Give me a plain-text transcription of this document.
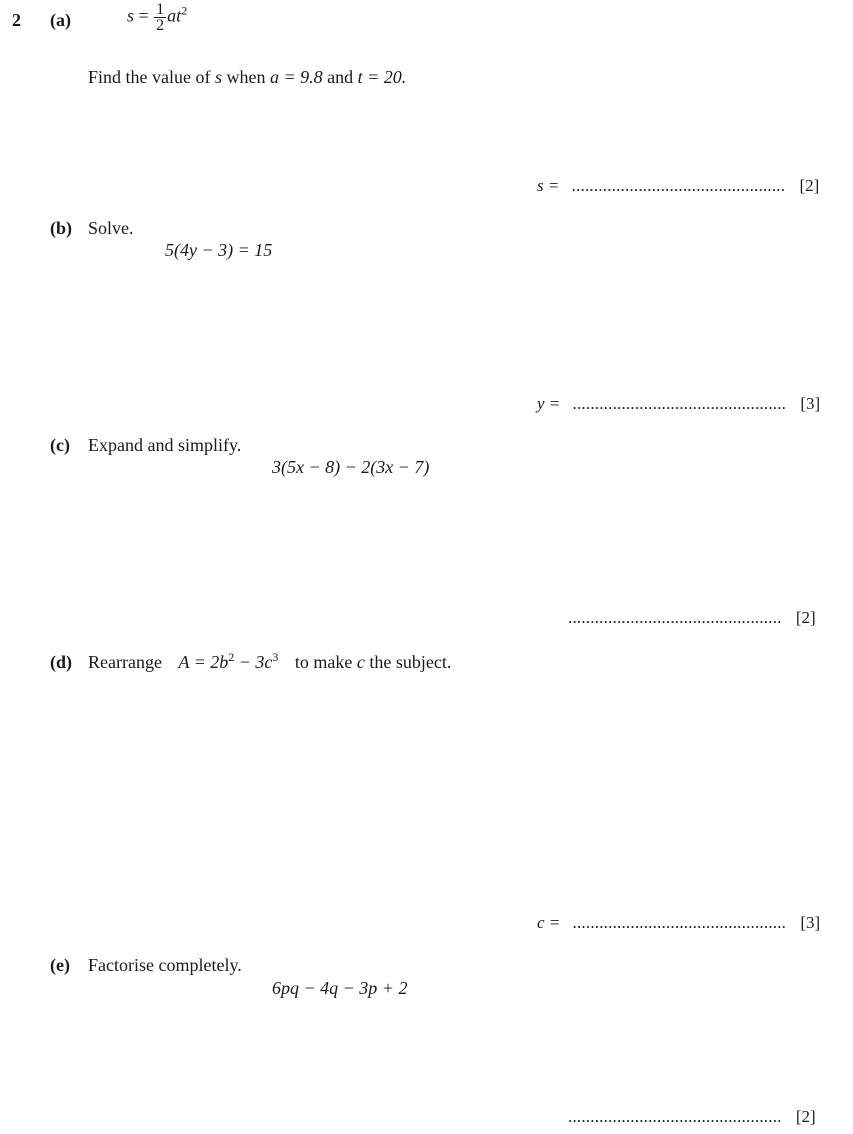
2 (a)	$s = \frac{1}{2} at^2$
Find the value of s when a = 9.8 and t = 20.
s = ................................................ [2]
(b) Solve.
5(4y − 3) = 15
y = ................................................ [3]
(c) Expand and simplify.
3(5x − 8) − 2(3x − 7)
................................................ [2]
(d) Rearrange $A = 2b^2 - 3c^3$ to make c the subject.
c = ................................................ [3]
(e) Factorise completely.
6pq − 4q − 3p + 2
................................................ [2]
